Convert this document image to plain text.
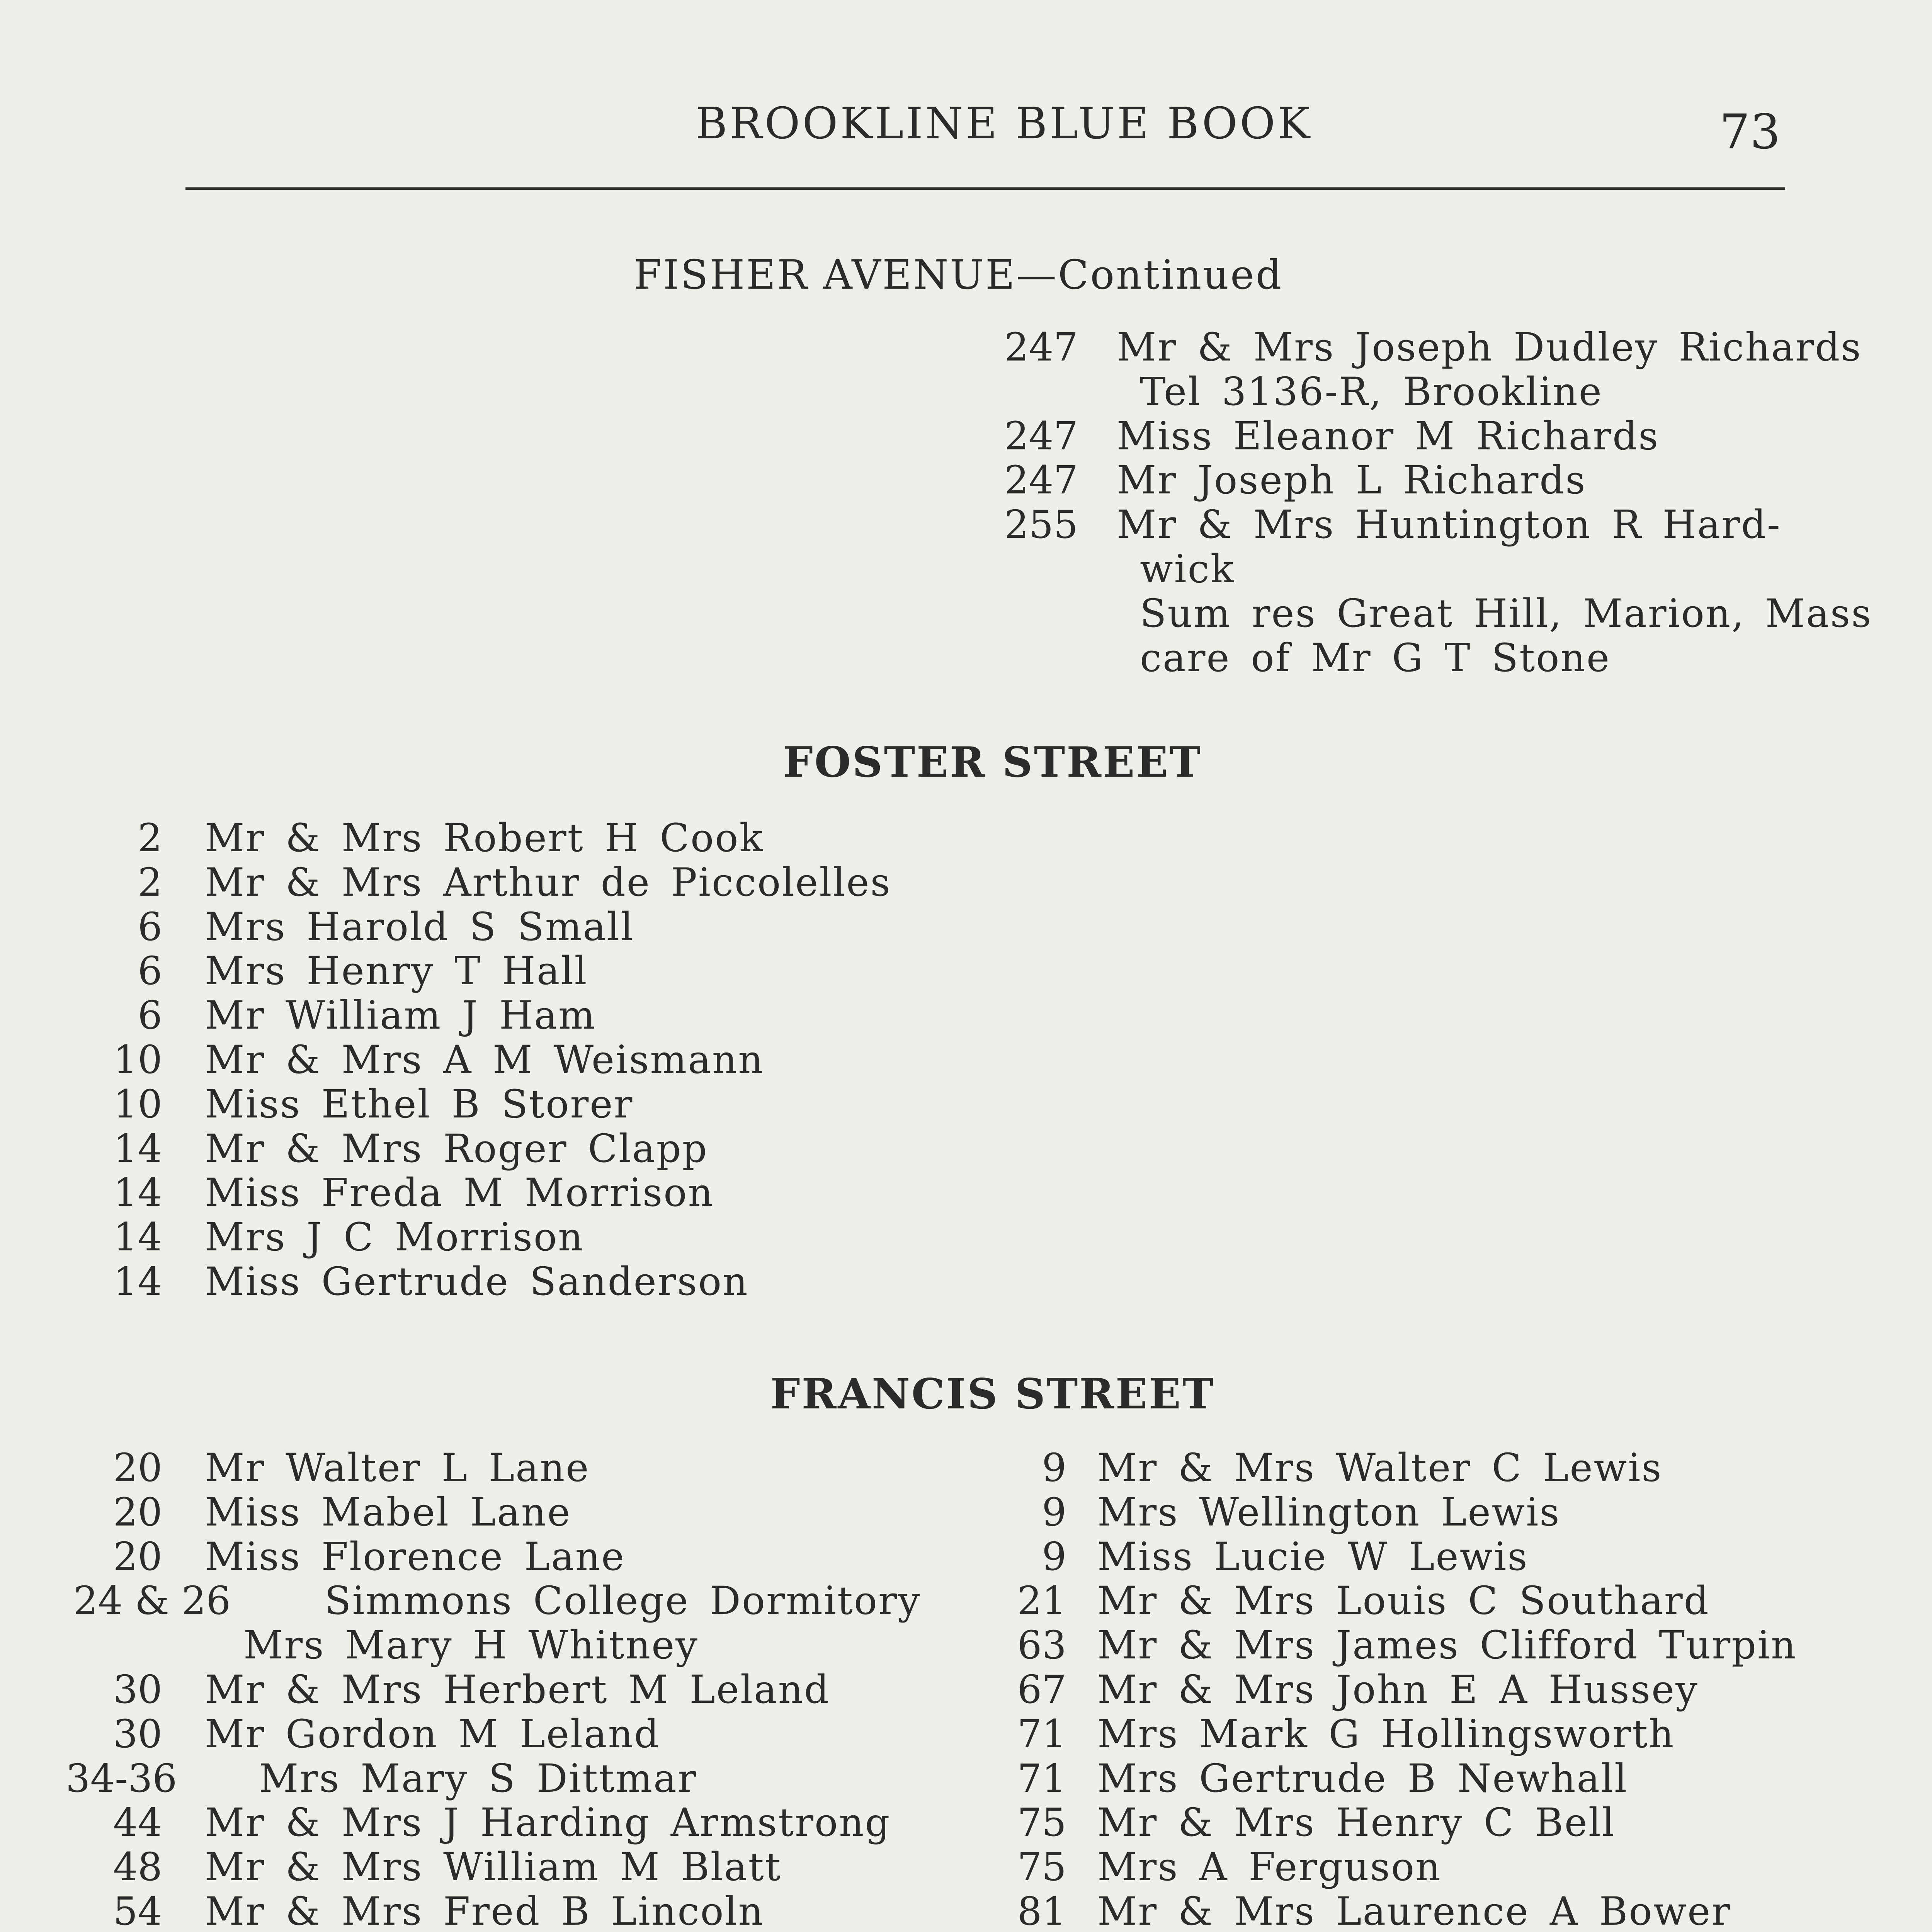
BROOKLINE BLUE BOOK	73
FISHER AVENUE—Continued
247 Mr & Mrs Joseph Dudley Richards
Tel 3136-R, Brookline
247 Miss Eleanor M Richards
247 Mr Joseph L Richards
255 Mr & Mrs Huntington R Hard-
wick
Sum res Great Hill, Marion, Mass
care of Mr G T Stone
FOSTER STREET
2 Mr & Mrs Robert H Cook
2 Mr & Mrs Arthur de Piccolelles
6 Mrs Harold S Small
6 Mrs Henry T Hall
6 Mr William J Ham
10 Mr & Mrs A M Weismann
10 Miss Ethel B Storer
14 Mr & Mrs Roger Clapp
14 Miss Freda M Morrison
14 Mrs J C Morrison
14 Miss Gertrude Sanderson
FRANCIS STREET
20 Mr Walter L Lane
20 Miss Mabel Lane
20 Miss Florence Lane
24 & 26 Simmons College Dormitory
Mrs Mary H Whitney
30 Mr & Mrs Herbert M Leland
30 Mr Gordon M Leland
34-36 Mrs Mary S Dittmar
44 Mr & Mrs J Harding Armstrong
48 Mr & Mrs William M Blatt
54 Mr & Mrs Fred B Lincoln
9 Mr & Mrs Walter C Lewis
9 Mrs Wellington Lewis
9 Miss Lucie W Lewis
21 Mr & Mrs Louis C Southard
63 Mr & Mrs James Clifford Turpin
67 Mr & Mrs John E A Hussey
71 Mrs Mark G Hollingsworth
71 Mrs Gertrude B Newhall
75 Mr & Mrs Henry C Bell
75 Mrs A Ferguson
81 Mr & Mrs Laurence A Bower
